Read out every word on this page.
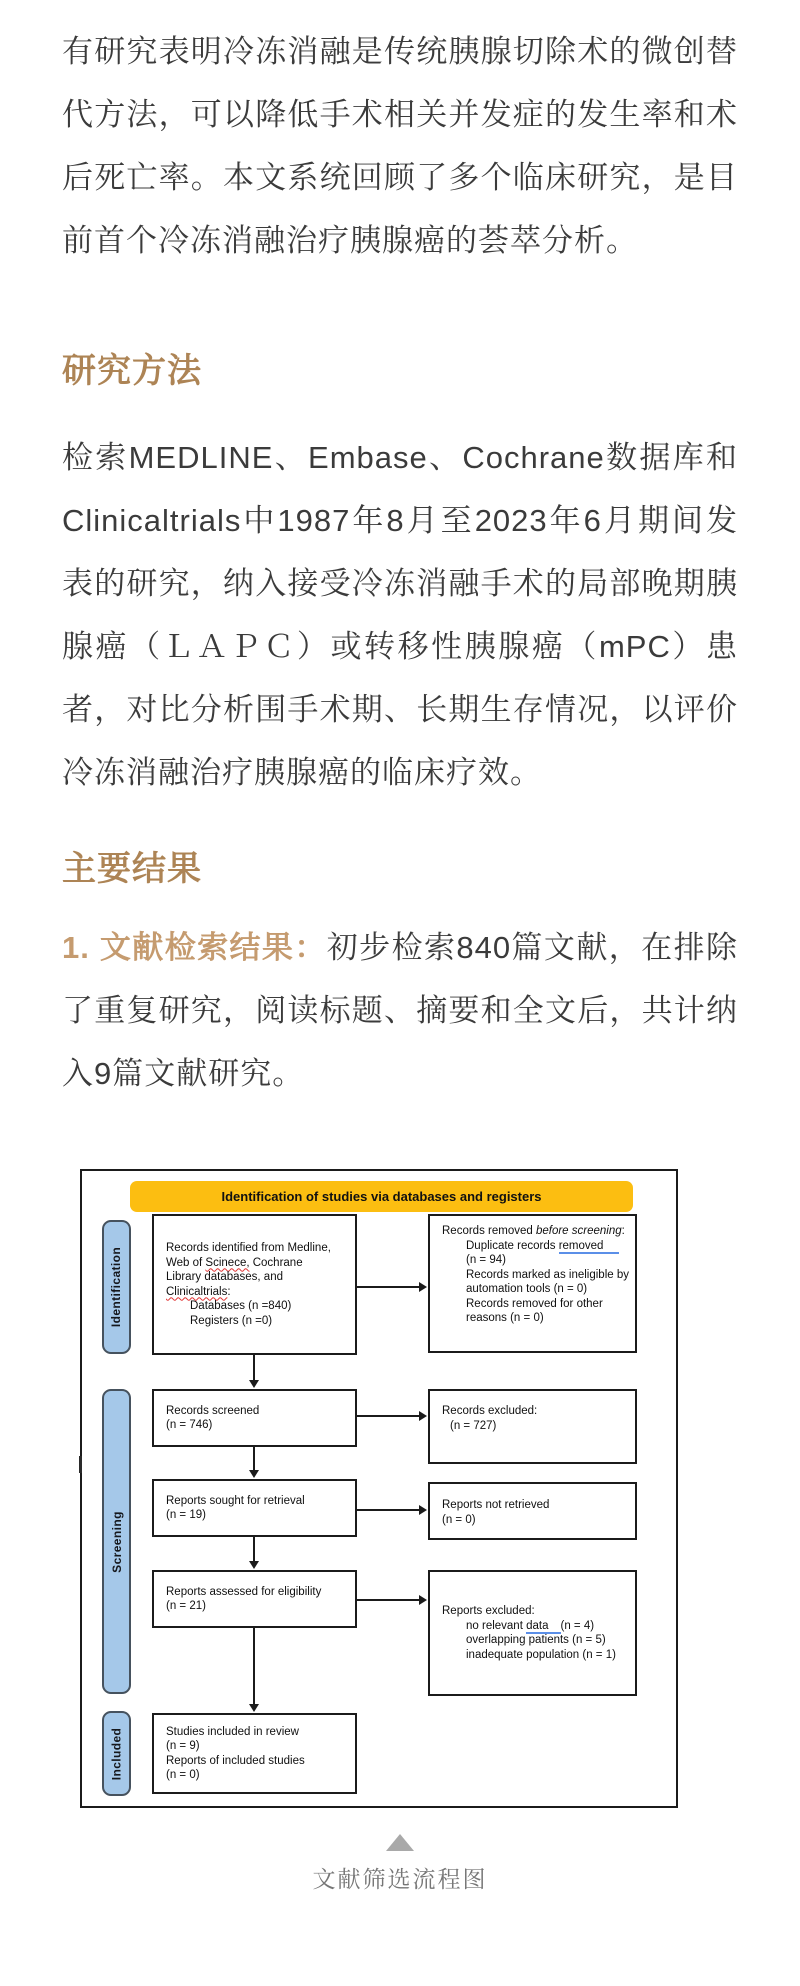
有研究表明冷冻消融是传统胰腺切除术的微创替代方法，可以降低手术相关并发症的发生率和术后死亡率。本文系统回顾了多个临床研究，是目前首个冷冻消融治疗胰腺癌的荟萃分析。

研究方法

检索MEDLINE、Embase、Cochrane数据库和Clinicaltrials中1987年8月至2023年6月期间发表的研究，纳入接受冷冻消融手术的局部晚期胰腺癌（ＬＡＰＣ）或转移性胰腺癌（mPC）患者，对比分析围手术期、长期生存情况，以评价冷冻消融治疗胰腺癌的临床疗效。

主要结果

1. 文献检索结果：初步检索840篇文献，在排除了重复研究，阅读标题、摘要和全文后，共计纳入9篇文献研究。

Identification of studies via databases and registers
Identification
Screening
Included
Records identified from Medline,
Web of Scinece, Cochrane
Library databases, and
Clinicaltrials:
Databases (n =840)
Registers (n =0)
Records removed before screening:
Duplicate records removed
(n = 94)
Records marked as ineligible by automation tools (n = 0)
Records removed for other reasons (n = 0)
Records screened
(n = 746)
Records excluded:
(n = 727)
Reports sought for retrieval
(n = 19)
Reports not retrieved
(n = 0)
Reports assessed for eligibility
(n = 21)	Reports excluded:
no relevant data (n = 4)
overlapping patients (n = 5)
inadequate population (n = 1)
Studies included in review
(n = 9)
Reports of included studies
(n = 0)
文献筛选流程图
